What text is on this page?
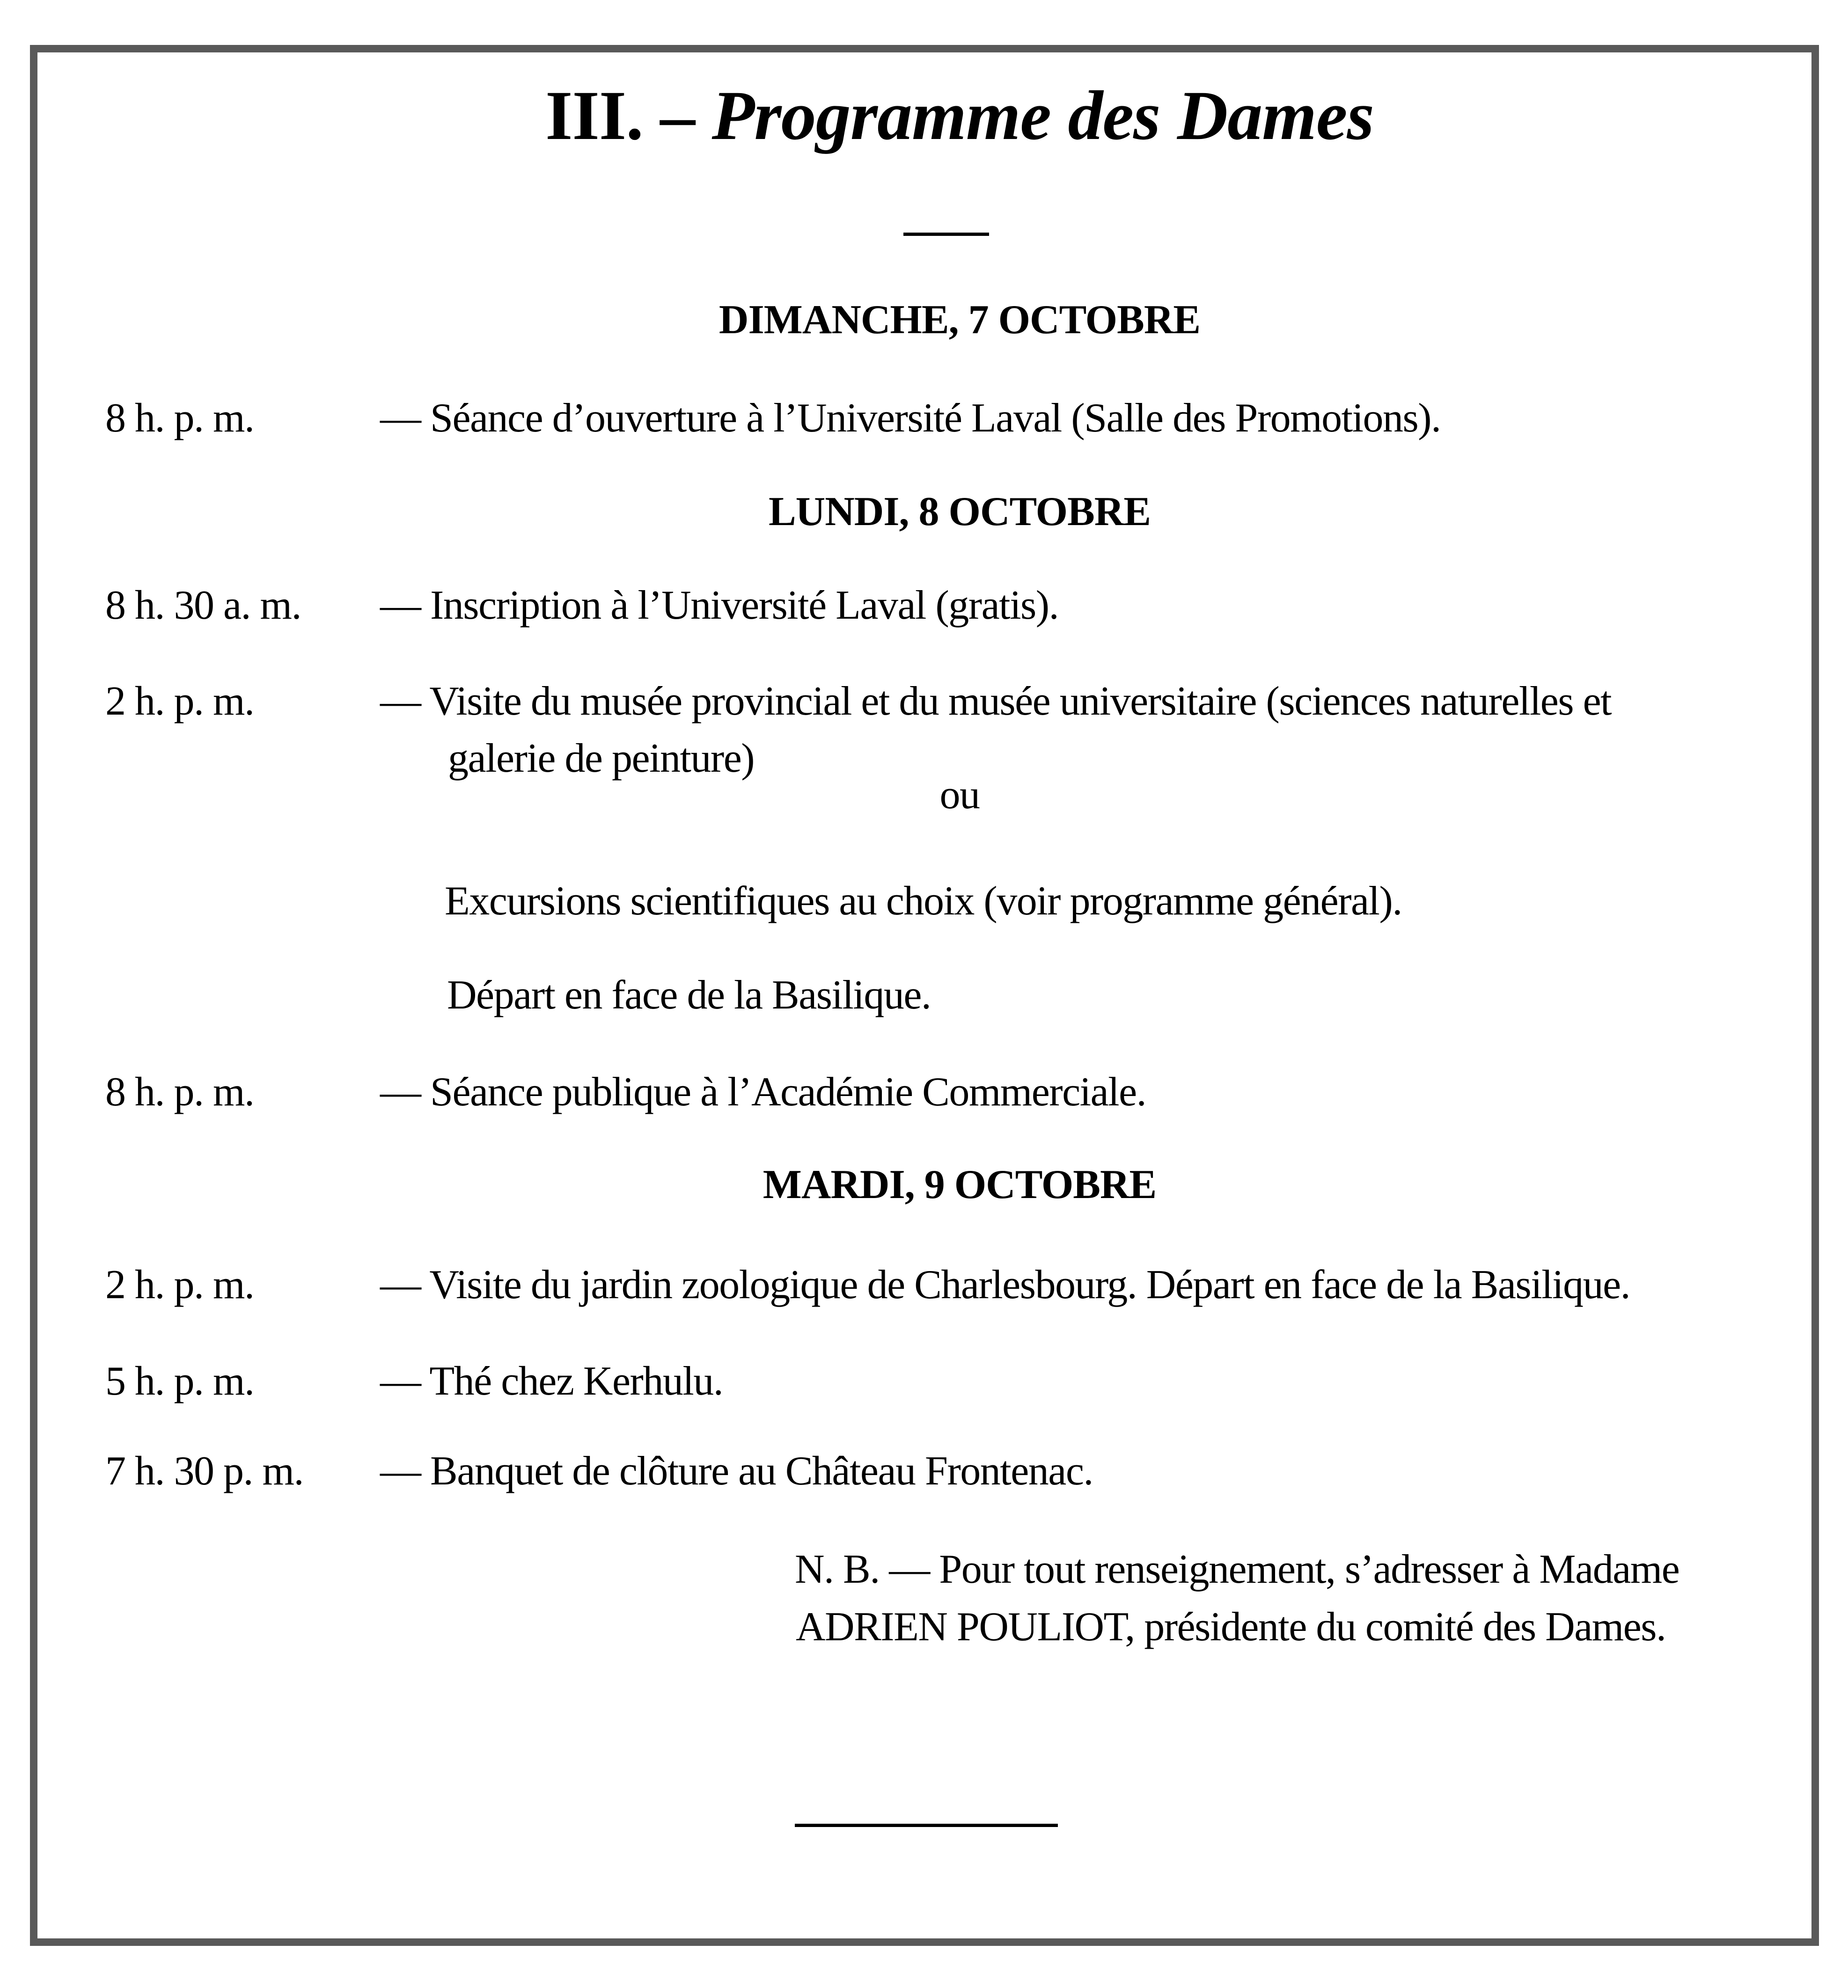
III. – Programme des Dames
DIMANCHE, 7 OCTOBRE
8 h. p. m.	— Séance d’ouverture à l’Université Laval (Salle des Promotions).
LUNDI, 8 OCTOBRE
8 h. 30 a. m. — Inscription à l’Université Laval (gratis).
2 h. p. m.	— Visite du musée provincial et du musée universitaire (sciences naturelles et
galerie de peinture)
ou
Excursions scientifiques au choix (voir programme général).
Départ en face de la Basilique.
8 h. p. m.	— Séance publique à l’Académie Commerciale.
MARDI, 9 OCTOBRE
2 h. p. m.	— Visite du jardin zoologique de Charlesbourg. Départ en face de la Basilique.
5 h. p. m.	— Thé chez Kerhulu.
7 h. 30 p. m. — Banquet de clôture au Château Frontenac.
N. B. — Pour tout renseignement, s’adresser à Madame
ADRIEN POULIOT, présidente du comité des Dames.
